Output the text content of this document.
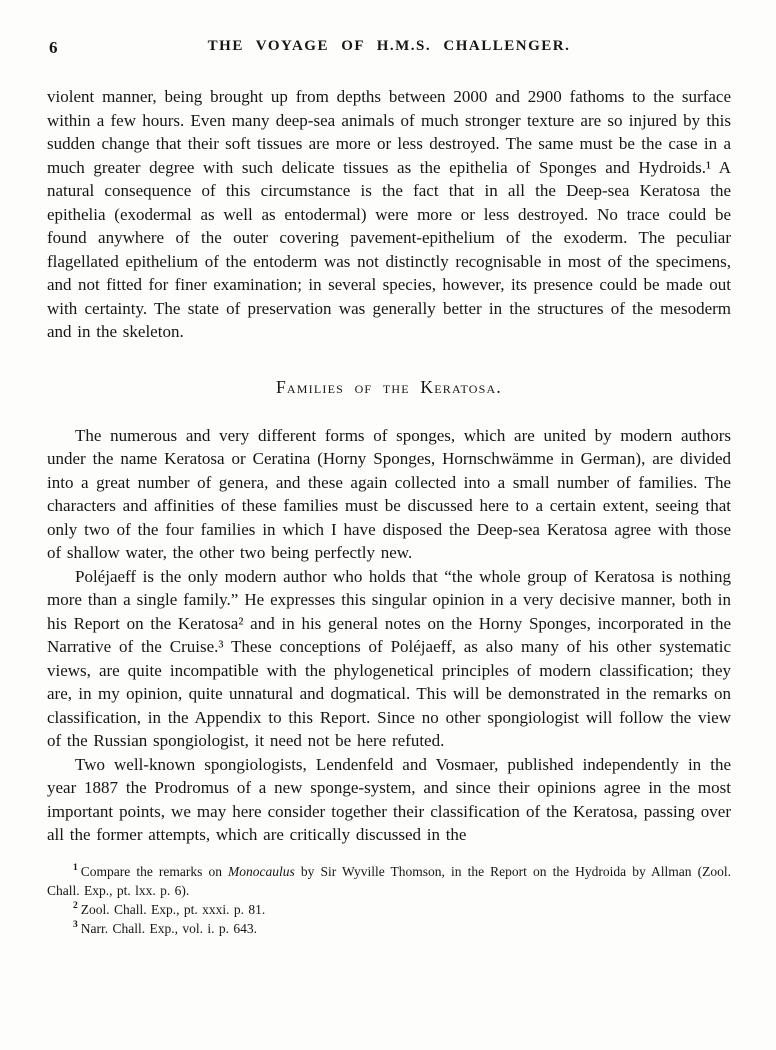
6	THE VOYAGE OF H.M.S. CHALLENGER.

violent manner, being brought up from depths between 2000 and 2900 fathoms to the surface within a few hours. Even many deep-sea animals of much stronger texture are so injured by this sudden change that their soft tissues are more or less destroyed. The same must be the case in a much greater degree with such delicate tissues as the epithelia of Sponges and Hydroids.¹ A natural consequence of this circumstance is the fact that in all the Deep-sea Keratosa the epithelia (exodermal as well as entodermal) were more or less destroyed. No trace could be found anywhere of the outer covering pavement-epithelium of the exoderm. The peculiar flagellated epithelium of the entoderm was not distinctly recognisable in most of the specimens, and not fitted for finer examination; in several species, however, its presence could be made out with certainty. The state of preservation was generally better in the structures of the mesoderm and in the skeleton.

Families of the Keratosa.

The numerous and very different forms of sponges, which are united by modern authors under the name Keratosa or Ceratina (Horny Sponges, Hornschwämme in German), are divided into a great number of genera, and these again collected into a small number of families. The characters and affinities of these families must be discussed here to a certain extent, seeing that only two of the four families in which I have disposed the Deep-sea Keratosa agree with those of shallow water, the other two being perfectly new.

Poléjaeff is the only modern author who holds that “the whole group of Keratosa is nothing more than a single family.” He expresses this singular opinion in a very decisive manner, both in his Report on the Keratosa² and in his general notes on the Horny Sponges, incorporated in the Narrative of the Cruise.³ These conceptions of Poléjaeff, as also many of his other systematic views, are quite incompatible with the phylogenetical principles of modern classification; they are, in my opinion, quite unnatural and dogmatical. This will be demonstrated in the remarks on classification, in the Appendix to this Report. Since no other spongiologist will follow the view of the Russian spongiologist, it need not be here refuted.

Two well-known spongiologists, Lendenfeld and Vosmaer, published independently in the year 1887 the Prodromus of a new sponge-system, and since their opinions agree in the most important points, we may here consider together their classification of the Keratosa, passing over all the former attempts, which are critically discussed in the

$^1$ Compare the remarks on Monocaulus by Sir Wyville Thomson, in the Report on the Hydroida by Allman (Zool. Chall. Exp., pt. lxx. p. 6).

$^2$ Zool. Chall. Exp., pt. xxxi. p. 81.

$^3$ Narr. Chall. Exp., vol. i. p. 643.
